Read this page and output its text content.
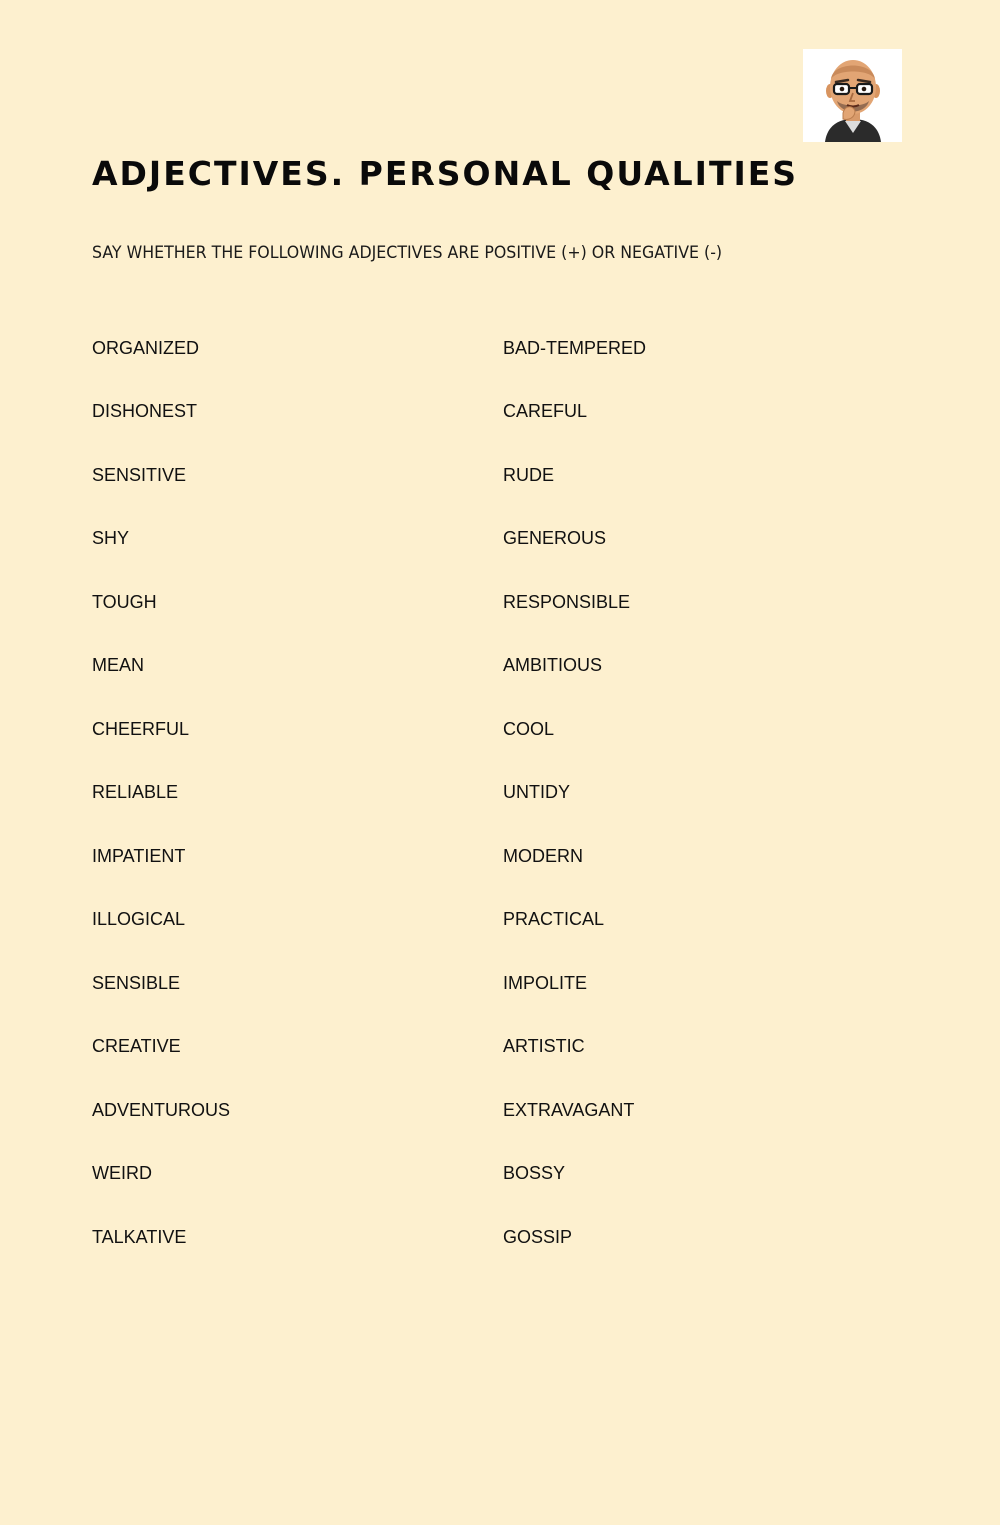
ADJECTIVES. PERSONAL QUALITIES

SAY WHETHER THE FOLLOWING ADJECTIVES ARE POSITIVE (+) OR NEGATIVE (-)

ORGANIZED	BAD-TEMPERED
DISHONEST	CAREFUL
SENSITIVE	RUDE
SHY	GENEROUS
TOUGH	RESPONSIBLE
MEAN	AMBITIOUS
CHEERFUL	COOL
RELIABLE	UNTIDY
IMPATIENT	MODERN
ILLOGICAL	PRACTICAL
SENSIBLE	IMPOLITE
CREATIVE	ARTISTIC
ADVENTUROUS	EXTRAVAGANT
WEIRD	BOSSY
TALKATIVE	GOSSIP
